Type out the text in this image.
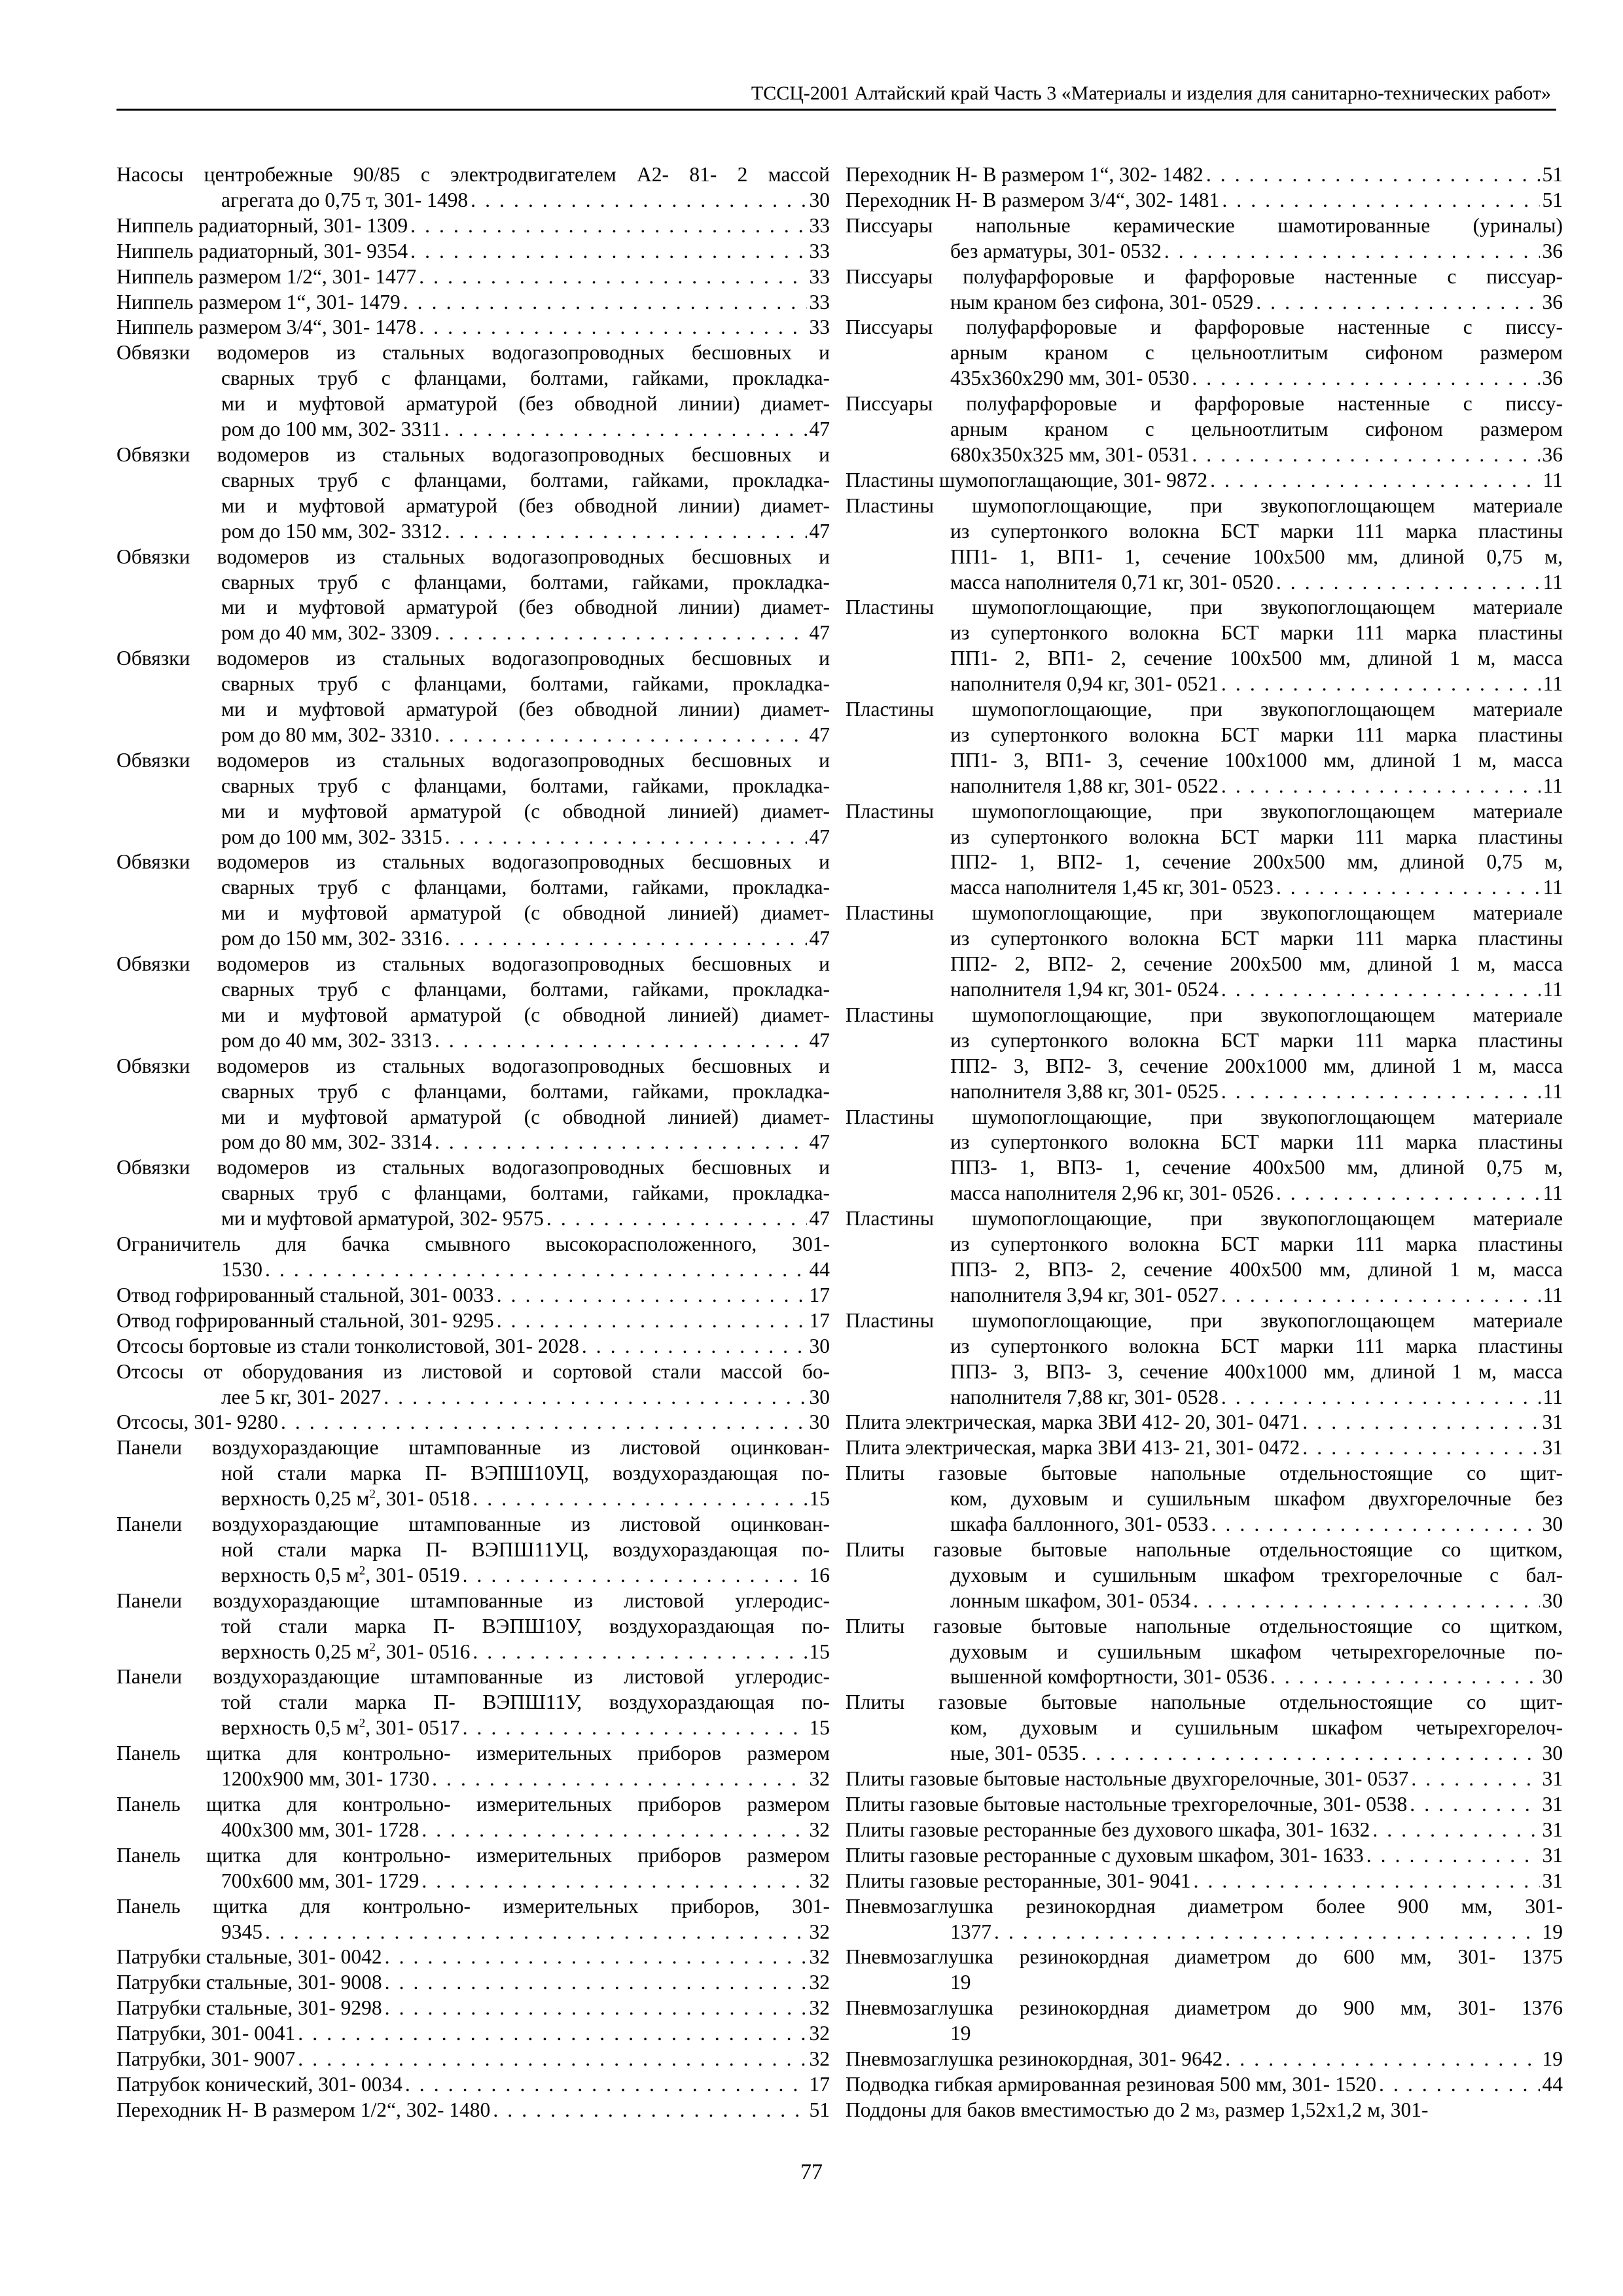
ТССЦ-2001 Алтайский край Часть 3 «Материалы и изделия для санитарно-технических работ»
Насосы центробежные 90/85 с электродвигателем А2- 81- 2 массой
агрегата до 0,75 т, 301- 1498 . . .	30
Ниппель радиаторный, 301- 1309 . . .	33
Ниппель радиаторный, 301- 9354 . . .	33
Ниппель размером 1/2“, 301- 1477 . . .	33
Ниппель размером 1“, 301- 1479 . . .	33
Ниппель размером 3/4“, 301- 1478 . . .	33
Обвязки водомеров из стальных водогазопроводных бесшовных и
сварных труб с фланцами, болтами, гайками, прокладка-
ми и муфтовой арматурой (без обводной линии) диамет-
ром до 100 мм, 302- 3311 . . .	47
Обвязки водомеров из стальных водогазопроводных бесшовных и
сварных труб с фланцами, болтами, гайками, прокладка-
ми и муфтовой арматурой (без обводной линии) диамет-
ром до 150 мм, 302- 3312 . . .	47
Обвязки водомеров из стальных водогазопроводных бесшовных и
сварных труб с фланцами, болтами, гайками, прокладка-
ми и муфтовой арматурой (без обводной линии) диамет-
ром до 40 мм, 302- 3309 . . .	47
Обвязки водомеров из стальных водогазопроводных бесшовных и
сварных труб с фланцами, болтами, гайками, прокладка-
ми и муфтовой арматурой (без обводной линии) диамет-
ром до 80 мм, 302- 3310 . . .	47
Обвязки водомеров из стальных водогазопроводных бесшовных и
сварных труб с фланцами, болтами, гайками, прокладка-
ми и муфтовой арматурой (с обводной линией) диамет-
ром до 100 мм, 302- 3315 . . .	47
Обвязки водомеров из стальных водогазопроводных бесшовных и
сварных труб с фланцами, болтами, гайками, прокладка-
ми и муфтовой арматурой (с обводной линией) диамет-
ром до 150 мм, 302- 3316 . . .	47
Обвязки водомеров из стальных водогазопроводных бесшовных и
сварных труб с фланцами, болтами, гайками, прокладка-
ми и муфтовой арматурой (с обводной линией) диамет-
ром до 40 мм, 302- 3313 . . .	47
Обвязки водомеров из стальных водогазопроводных бесшовных и
сварных труб с фланцами, болтами, гайками, прокладка-
ми и муфтовой арматурой (с обводной линией) диамет-
ром до 80 мм, 302- 3314 . . .	47
Обвязки водомеров из стальных водогазопроводных бесшовных и
сварных труб с фланцами, болтами, гайками, прокладка-
ми и муфтовой арматурой, 302- 9575 . . .	47
Ограничитель для бачка смывного высокорасположенного, 301-
1530 . . .	44
Отвод гофрированный стальной, 301- 0033 . . .	17
Отвод гофрированный стальной, 301- 9295 . . .	17
Отсосы бортовые из стали тонколистовой, 301- 2028 . . .	30
Отсосы от оборудования из листовой и сортовой стали массой бо-
лее 5 кг, 301- 2027 . . .	30
Отсосы, 301- 9280 . . .	30
Панели воздухораздающие штампованные из листовой оцинкован-
ной стали марка П- ВЭПШ10УЦ, воздухораздающая по-
верхность 0,25 $м^2$, 301- 0518 . . .	15
Панели воздухораздающие штампованные из листовой оцинкован-
ной стали марка П- ВЭПШ11УЦ, воздухораздающая по-
верхность 0,5 $м^2$, 301- 0519 . . .	16
Панели воздухораздающие штампованные из листовой углеродис-
той стали марка П- ВЭПШ10У, воздухораздающая по-
верхность 0,25 $м^2$, 301- 0516 . . .	15
Панели воздухораздающие штампованные из листовой углеродис-
той стали марка П- ВЭПШ11У, воздухораздающая по-
верхность 0,5 $м^2$, 301- 0517 . . .	15
Панель щитка для контрольно- измерительных приборов размером
1200х900 мм, 301- 1730 . . .	32
Панель щитка для контрольно- измерительных приборов размером
400х300 мм, 301- 1728 . . .	32
Панель щитка для контрольно- измерительных приборов размером
700х600 мм, 301- 1729 . . .	32
Панель щитка для контрольно- измерительных приборов, 301-
9345 . . .	32
Патрубки стальные, 301- 0042 . . .	32
Патрубки стальные, 301- 9008 . . .	32
Патрубки стальные, 301- 9298 . . .	32
Патрубки, 301- 0041 . . .	32
Патрубки, 301- 9007 . . .	32
Патрубок конический, 301- 0034 . . .	17
Переходник Н- В размером 1/2“, 302- 1480 . . .	51
Переходник Н- В размером 1“, 302- 1482 . . .	51
Переходник Н- В размером 3/4“, 302- 1481 . . .	51
Писсуары напольные керамические шамотированные (уриналы)
без арматуры, 301- 0532 . . .	36
Писсуары полуфарфоровые и фарфоровые настенные с писсуар-
ным краном без сифона, 301- 0529 . . .	36
Писсуары полуфарфоровые и фарфоровые настенные с писсу-
арным краном с цельноотлитым сифоном размером
435х360х290 мм, 301- 0530 . . .	36
Писсуары полуфарфоровые и фарфоровые настенные с писсу-
арным краном с цельноотлитым сифоном размером
680х350х325 мм, 301- 0531 . . .	36
Пластины шумопоглащающие, 301- 9872 . . .	11
Пластины шумопоглощающие, при звукопоглощающем материале
из супертонкого волокна БСТ марки 111 марка пластины
ПП1- 1, ВП1- 1, сечение 100х500 мм, длиной 0,75 м,
масса наполнителя 0,71 кг, 301- 0520 . . .	11
Пластины шумопоглощающие, при звукопоглощающем материале
из супертонкого волокна БСТ марки 111 марка пластины
ПП1- 2, ВП1- 2, сечение 100х500 мм, длиной 1 м, масса
наполнителя 0,94 кг, 301- 0521 . . .	11
Пластины шумопоглощающие, при звукопоглощающем материале
из супертонкого волокна БСТ марки 111 марка пластины
ПП1- 3, ВП1- 3, сечение 100х1000 мм, длиной 1 м, масса
наполнителя 1,88 кг, 301- 0522 . . .	11
Пластины шумопоглощающие, при звукопоглощающем материале
из супертонкого волокна БСТ марки 111 марка пластины
ПП2- 1, ВП2- 1, сечение 200х500 мм, длиной 0,75 м,
масса наполнителя 1,45 кг, 301- 0523 . . .	11
Пластины шумопоглощающие, при звукопоглощающем материале
из супертонкого волокна БСТ марки 111 марка пластины
ПП2- 2, ВП2- 2, сечение 200х500 мм, длиной 1 м, масса
наполнителя 1,94 кг, 301- 0524 . . .	11
Пластины шумопоглощающие, при звукопоглощающем материале
из супертонкого волокна БСТ марки 111 марка пластины
ПП2- 3, ВП2- 3, сечение 200х1000 мм, длиной 1 м, масса
наполнителя 3,88 кг, 301- 0525 . . .	11
Пластины шумопоглощающие, при звукопоглощающем материале
из супертонкого волокна БСТ марки 111 марка пластины
ПП3- 1, ВП3- 1, сечение 400х500 мм, длиной 0,75 м,
масса наполнителя 2,96 кг, 301- 0526 . . .	11
Пластины шумопоглощающие, при звукопоглощающем материале
из супертонкого волокна БСТ марки 111 марка пластины
ПП3- 2, ВП3- 2, сечение 400х500 мм, длиной 1 м, масса
наполнителя 3,94 кг, 301- 0527 . . .	11
Пластины шумопоглощающие, при звукопоглощающем материале
из супертонкого волокна БСТ марки 111 марка пластины
ПП3- 3, ВП3- 3, сечение 400х1000 мм, длиной 1 м, масса
наполнителя 7,88 кг, 301- 0528 . . .	11
Плита электрическая, марка ЗВИ 412- 20, 301- 0471 . . .	31
Плита электрическая, марка ЗВИ 413- 21, 301- 0472 . . .	31
Плиты газовые бытовые напольные отдельностоящие со щит-
ком, духовым и сушильным шкафом двухгорелочные без
шкафа баллонного, 301- 0533 . . .	30
Плиты газовые бытовые напольные отдельностоящие со щитком,
духовым и сушильным шкафом трехгорелочные с бал-
лонным шкафом, 301- 0534 . . .	30
Плиты газовые бытовые напольные отдельностоящие со щитком,
духовым и сушильным шкафом четырехгорелочные по-
вышенной комфортности, 301- 0536 . . .	30
Плиты газовые бытовые напольные отдельностоящие со щит-
ком, духовым и сушильным шкафом четырехгорелоч-
ные, 301- 0535 . . .	30
Плиты газовые бытовые настольные двухгорелочные, 301- 0537 . . .	31
Плиты газовые бытовые настольные трехгорелочные, 301- 0538 . . .	31
Плиты газовые ресторанные без духового шкафа, 301- 1632 . . .	31
Плиты газовые ресторанные с духовым шкафом, 301- 1633 . . .	31
Плиты газовые ресторанные, 301- 9041 . . .	31
Пневмозаглушка резинокордная диаметром более 900 мм, 301-
1377 . . .	19
Пневмозаглушка резинокордная диаметром до 600 мм, 301- 1375
19
Пневмозаглушка резинокордная диаметром до 900 мм, 301- 1376
19
Пневмозаглушка резинокордная, 301- 9642 . . .	19
Подводка гибкая армированная резиновая 500 мм, 301- 1520 . . .	44
Поддоны для баков вместимостью до 2 м 3 , размер 1,52х1,2 м, 301-
77
